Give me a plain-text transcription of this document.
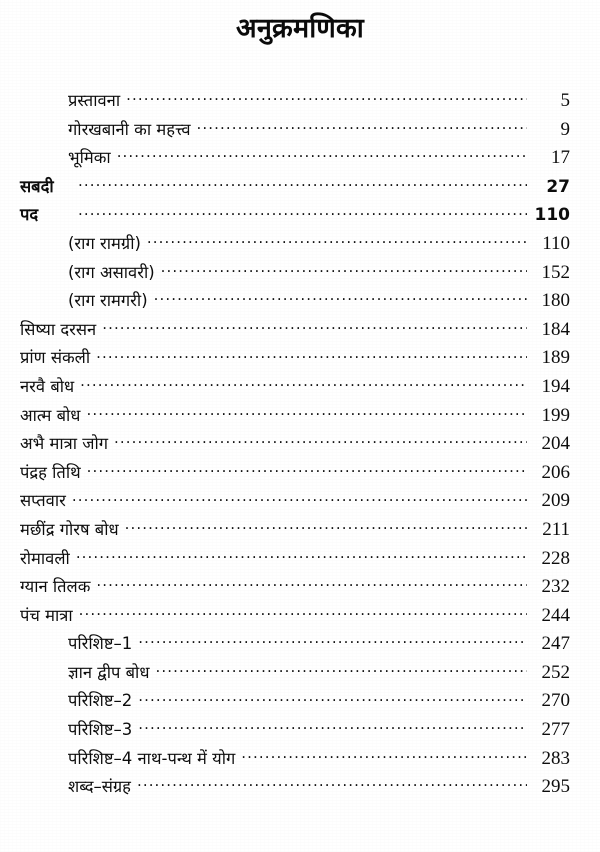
अनुक्रमणिका
प्रस्तावना .....	5
गोरखबानी का महत्त्व .....	9
भूमिका .....	17
सबदी .....	27
पद .....	110
(राग रामग्री) .....	110
(राग असावरी) .....	152
(राग रामगरी) .....	180
सिष्या दरसन .....	184
प्रांण संकली .....	189
नरवै बोध .....	194
आत्म बोध .....	199
अभै मात्रा जोग .....	204
पंद्रह तिथि .....	206
सप्तवार .....	209
मछींद्र गोरष बोध .....	211
रोमावली .....	228
ग्यान तिलक .....	232
पंच मात्रा .....	244
परिशिष्ट–1 .....	247
ज्ञान द्वीप बोध .....	252
परिशिष्ट–2 .....	270
परिशिष्ट–3 .....	277
परिशिष्ट–4 नाथ-पन्थ में योग .....	283
शब्द–संग्रह .....	295
